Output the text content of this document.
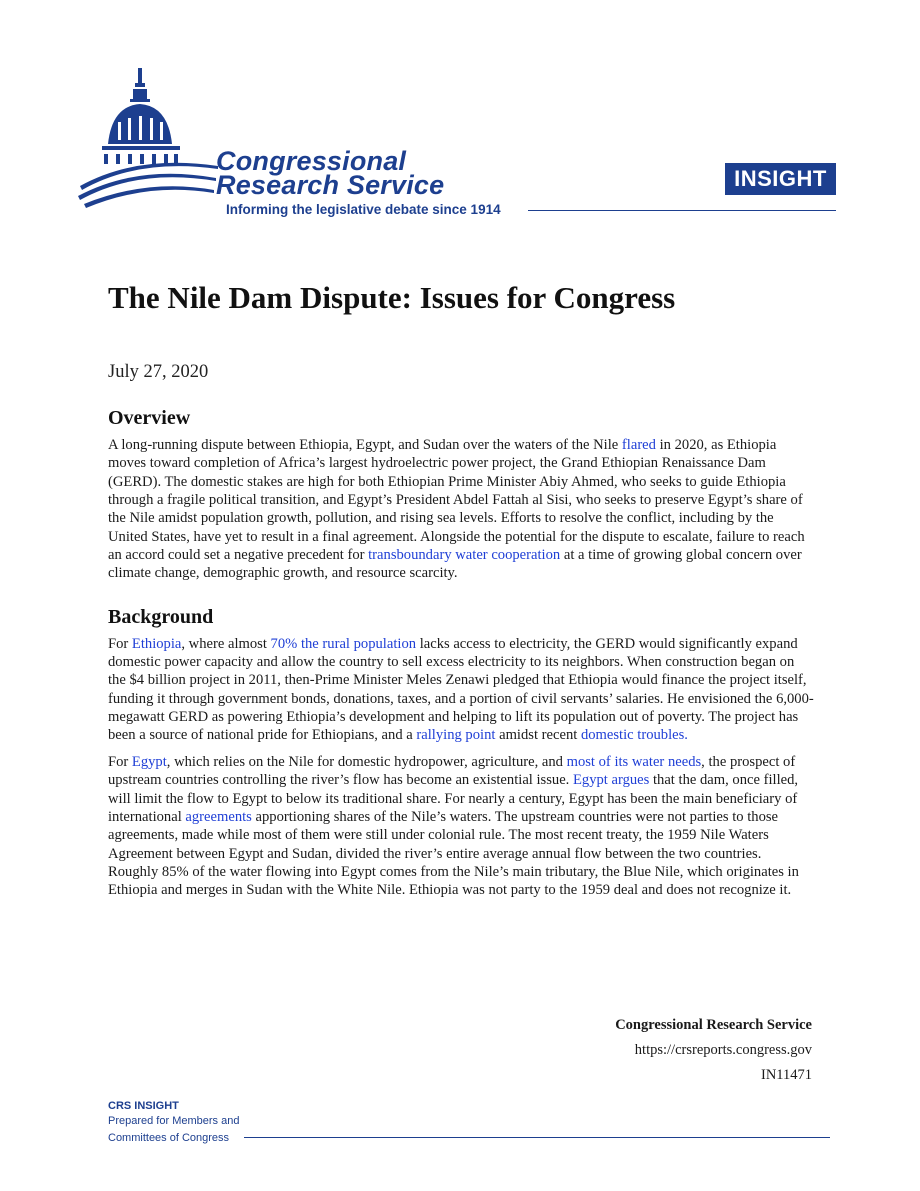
Congressional
Research Service
Informing the legislative debate since 1914
INSIGHT
The Nile Dam Dispute: Issues for Congress
July 27, 2020
Overview

A long-running dispute between Ethiopia, Egypt, and Sudan over the waters of the Nile flared in 2020, as Ethiopia moves toward completion of Africa’s largest hydroelectric power project, the Grand Ethiopian Renaissance Dam (GERD). The domestic stakes are high for both Ethiopian Prime Minister Abiy Ahmed, who seeks to guide Ethiopia through a fragile political transition, and Egypt’s President Abdel Fattah al Sisi, who seeks to preserve Egypt’s share of the Nile amidst population growth, pollution, and rising sea levels. Efforts to resolve the conflict, including by the United States, have yet to result in a final agreement. Alongside the potential for the dispute to escalate, failure to reach an accord could set a negative precedent for transboundary water cooperation at a time of growing global concern over climate change, demographic growth, and resource scarcity.

Background

For Ethiopia, where almost 70% the rural population lacks access to electricity, the GERD would significantly expand domestic power capacity and allow the country to sell excess electricity to its neighbors. When construction began on the $4 billion project in 2011, then-Prime Minister Meles Zenawi pledged that Ethiopia would finance the project itself, funding it through government bonds, donations, taxes, and a portion of civil servants’ salaries. He envisioned the 6,000-megawatt GERD as powering Ethiopia’s development and helping to lift its population out of poverty. The project has been a source of national pride for Ethiopians, and a rallying point amidst recent domestic troubles.

For Egypt, which relies on the Nile for domestic hydropower, agriculture, and most of its water needs, the prospect of upstream countries controlling the river’s flow has become an existential issue. Egypt argues that the dam, once filled, will limit the flow to Egypt to below its traditional share. For nearly a century, Egypt has been the main beneficiary of international agreements apportioning shares of the Nile’s waters. The upstream countries were not parties to those agreements, made while most of them were still under colonial rule. The most recent treaty, the 1959 Nile Waters Agreement between Egypt and Sudan, divided the river’s entire average annual flow between the two countries. Roughly 85% of the water flowing into Egypt comes from the Nile’s main tributary, the Blue Nile, which originates in Ethiopia and merges in Sudan with the White Nile. Ethiopia was not party to the 1959 deal and does not recognize it.

Congressional Research Service
https://crsreports.congress.gov
IN11471
CRS INSIGHT
Prepared for Members and
Committees of Congress
